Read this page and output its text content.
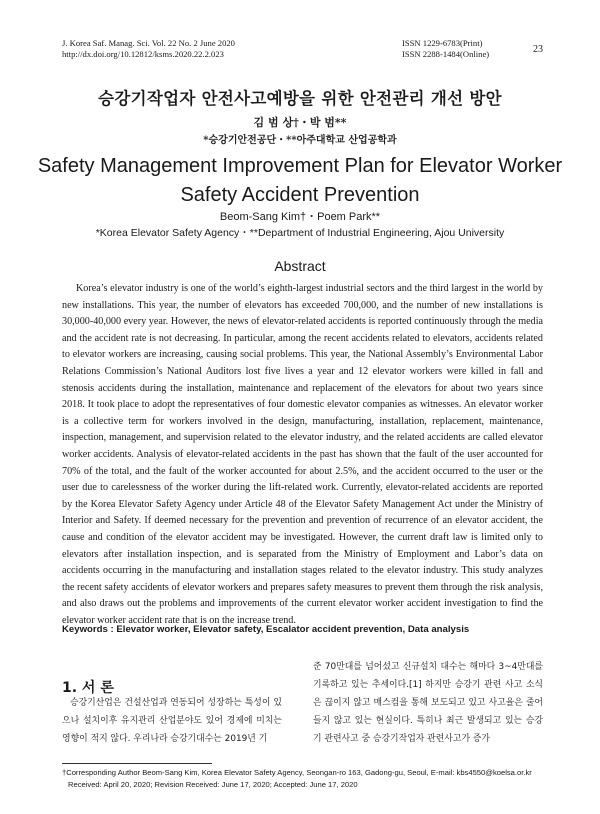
J. Korea Saf. Manag. Sci. Vol. 22 No. 2 June 2020
http://dx.doi.org/10.12812/ksms.2020.22.2.023
ISSN 1229-6783(Print)
ISSN 2288-1484(Online)	23
승강기작업자 안전사고예방을 위한 안전관리 개선 방안
김 범 상†・박 범**
*승강기안전공단・**아주대학교 산업공학과
Safety Management Improvement Plan for Elevator Worker
Safety Accident Prevention
Beom-Sang Kim†・Poem Park**
*Korea Elevator Safety Agency・**Department of Industrial Engineering, Ajou University
Abstract
Korea’s elevator industry is one of the world’s eighth-largest industrial sectors and the third largest in the world by new installations. This year, the number of elevators has exceeded 700,000, and the number of new installations is 30,000-40,000 every year. However, the news of elevator-related accidents is reported continuously through the media and the accident rate is not decreasing. In particular, among the recent accidents related to elevators, accidents related to elevator workers are increasing, causing social problems. This year, the National Assembly’s Environmental Labor Relations Commission’s National Auditors lost five lives a year and 12 elevator workers were killed in fall and stenosis accidents during the installation, maintenance and replacement of the elevators for about two years since 2018. It took place to adopt the representatives of four domestic elevator companies as witnesses. An elevator worker is a collective term for workers involved in the design, manufacturing, installation, replacement, maintenance, inspection, management, and supervision related to the elevator industry, and the related accidents are called elevator worker accidents. Analysis of elevator-related accidents in the past has shown that the fault of the user accounted for 70% of the total, and the fault of the worker accounted for about 2.5%, and the accident occurred to the user or the user due to carelessness of the worker during the lift-related work. Currently, elevator-related accidents are reported by the Korea Elevator Safety Agency under Article 48 of the Elevator Safety Management Act under the Ministry of Interior and Safety. If deemed necessary for the prevention and prevention of recurrence of an elevator accident, the cause and condition of the elevator accident may be investigated. However, the current draft law is limited only to elevators after installation inspection, and is separated from the Ministry of Employment and Labor’s data on accidents occurring in the manufacturing and installation stages related to the elevator industry. This study analyzes the recent safety accidents of elevator workers and prepares safety measures to prevent them through the risk analysis, and also draws out the problems and improvements of the current elevator worker accident investigation to find the elevator worker accident rate that is on the increase trend.
Keywords : Elevator worker, Elevator safety, Escalator accident prevention, Data analysis
1. 서 론
승강기산업은 건설산업과 연동되어 성장하는 특성이 있으나 설치이후 유지관리 산업분야도 있어 경제에 미치는 영향이 적지 않다. 우리나라 승강기대수는 2019년 기
준 70만대를 넘어섰고 신규설치 대수는 해마다 3~4만대를 기록하고 있는 추세이다.[1] 하지만 승강기 관련 사고 소식은 끊이지 않고 매스컴을 통해 보도되고 있고 사고율은 줄어들지 않고 있는 현실이다. 특히나 최근 발생되고 있는 승강기 관련사고 중 승강기작업자 관련사고가 증가
†Corresponding Author Beom-Sang Kim, Korea Elevator Safety Agency, Seongan-ro 163, Gadong-gu, Seoul, E-mail: kbs4550@koelsa.or.kr
Received: April 20, 2020; Revision Received: June 17, 2020; Accepted: June 17, 2020
